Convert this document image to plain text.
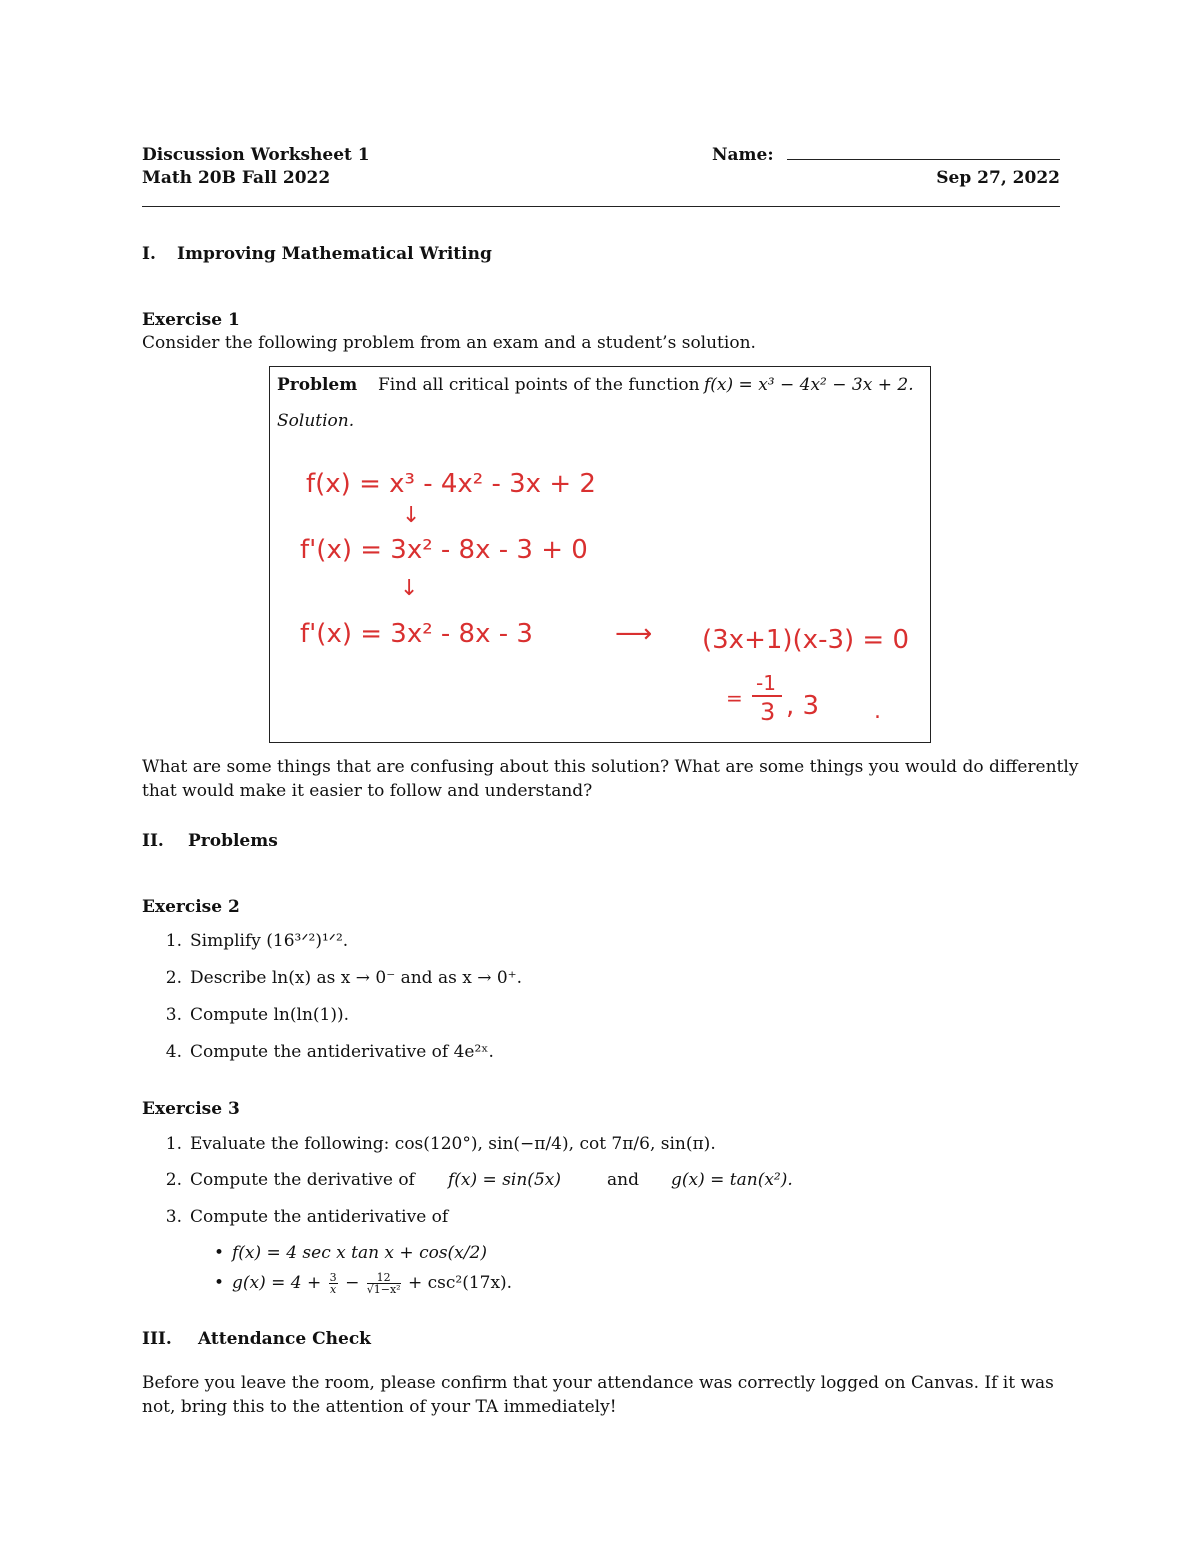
Discussion Worksheet 1
Math 20B Fall 2022
Name:
Sep 27, 2022
I. Improving Mathematical Writing
Exercise 1
Consider the following problem from an exam and a student’s solution.
Problem Find all critical points of the function f(x) = x³ − 4x² − 3x + 2.
Solution.
f(x) = x³ - 4x² - 3x + 2
↓
f'(x) = 3x² - 8x - 3 + 0
↓
f'(x) = 3x² - 8x - 3	⟶ (3x+1)(x-3) = 0
=
-1
3 , 3 .
What are some things that are confusing about this solution? What are some things you would do differently
that would make it easier to follow and understand?
II. Problems
Exercise 2
1. Simplify (16³ᐟ²)¹ᐟ².
2. Describe ln(x) as x → 0⁻ and as x → 0⁺.
3. Compute ln(ln(1)).
4. Compute the antiderivative of 4e²ˣ.
Exercise 3
1. Evaluate the following: cos(120°), sin(−π/4), cot 7π/6, sin(π).
2. Compute the derivative of f(x) = sin(5x)	and g(x) = tan(x²).
3. Compute the antiderivative of
• f(x) = 4 sec x tan x + cos(x/2)
• $g(x) = 4 + \frac{3}{x} - \frac{12}{\text{√1−x²}} + \csc^2(17x)$.
III. Attendance Check
Before you leave the room, please confirm that your attendance was correctly logged on Canvas. If it was
not, bring this to the attention of your TA immediately!
